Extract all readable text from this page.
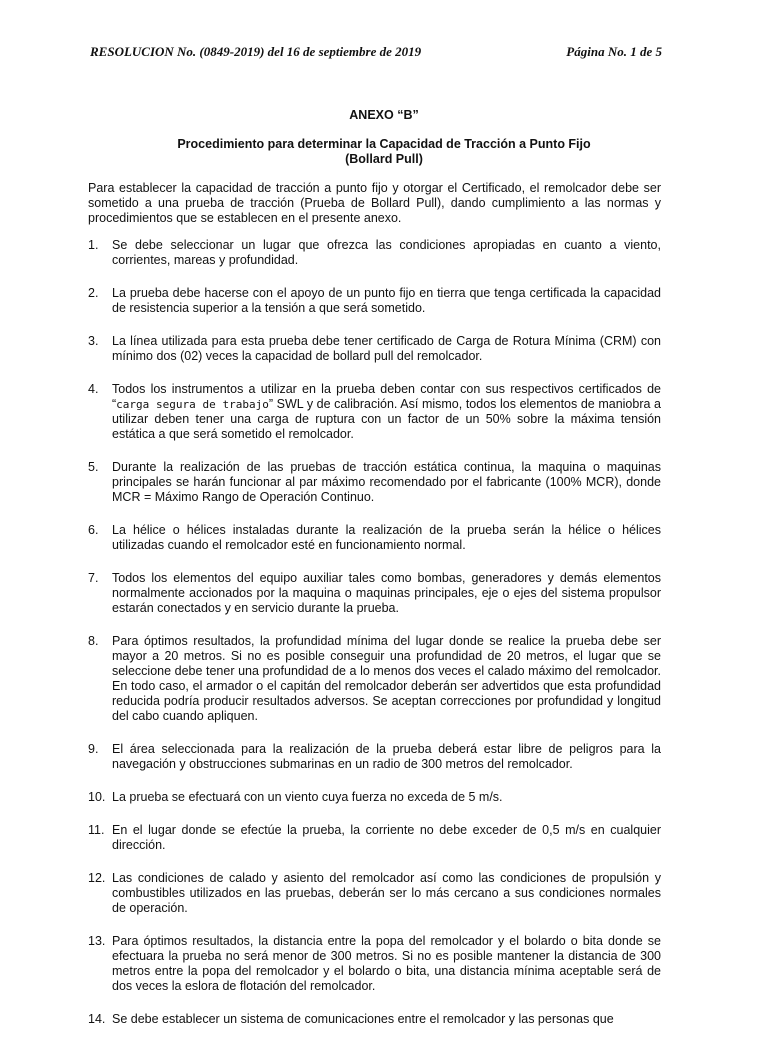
RESOLUCION No. (0849-2019) del 16 de septiembre de 2019	Página No. 1 de 5
ANEXO “B”
Procedimiento para determinar la Capacidad de Tracción a Punto Fijo
(Bollard Pull)

Para establecer la capacidad de tracción a punto fijo y otorgar el Certificado, el remolcador debe ser sometido a una prueba de tracción (Prueba de Bollard Pull), dando cumplimiento a las normas y procedimientos que se establecen en el presente anexo.

1.	Se debe seleccionar un lugar que ofrezca las condiciones apropiadas en cuanto a viento, corrientes, mareas y profundidad.
2.	La prueba debe hacerse con el apoyo de un punto fijo en tierra que tenga certificada la capacidad de resistencia superior a la tensión a que será sometido.
3.	La línea utilizada para esta prueba debe tener certificado de Carga de Rotura Mínima (CRM) con mínimo dos (02) veces la capacidad de bollard pull del remolcador.
4.	Todos los instrumentos a utilizar en la prueba deben contar con sus respectivos certificados de “carga segura de trabajo” SWL y de calibración. Así mismo, todos los elementos de maniobra a utilizar deben tener una carga de ruptura con un factor de un 50% sobre la máxima tensión estática a que será sometido el remolcador.
5.	Durante la realización de las pruebas de tracción estática continua, la maquina o maquinas principales se harán funcionar al par máximo recomendado por el fabricante (100% MCR), donde MCR = Máximo Rango de Operación Continuo.
6.	La hélice o hélices instaladas durante la realización de la prueba serán la hélice o hélices utilizadas cuando el remolcador esté en funcionamiento normal.
7.	Todos los elementos del equipo auxiliar tales como bombas, generadores y demás elementos normalmente accionados por la maquina o maquinas principales, eje o ejes del sistema propulsor estarán conectados y en servicio durante la prueba.
8.	Para óptimos resultados, la profundidad mínima del lugar donde se realice la prueba debe ser mayor a 20 metros. Si no es posible conseguir una profundidad de 20 metros, el lugar que se seleccione debe tener una profundidad de a lo menos dos veces el calado máximo del remolcador. En todo caso, el armador o el capitán del remolcador deberán ser advertidos que esta profundidad reducida podría producir resultados adversos. Se aceptan correcciones por profundidad y longitud del cabo cuando apliquen.
9.	El área seleccionada para la realización de la prueba deberá estar libre de peligros para la navegación y obstrucciones submarinas en un radio de 300 metros del remolcador.
10. La prueba se efectuará con un viento cuya fuerza no exceda de 5 m/s.
11. En el lugar donde se efectúe la prueba, la corriente no debe exceder de 0,5 m/s en cualquier dirección.
12. Las condiciones de calado y asiento del remolcador así como las condiciones de propulsión y combustibles utilizados en las pruebas, deberán ser lo más cercano a sus condiciones normales de operación.
13. Para óptimos resultados, la distancia entre la popa del remolcador y el bolardo o bita donde se efectuara la prueba no será menor de 300 metros. Si no es posible mantener la distancia de 300 metros entre la popa del remolcador y el bolardo o bita, una distancia mínima aceptable será de dos veces la eslora de flotación del remolcador.
14. Se debe establecer un sistema de comunicaciones entre el remolcador y las personas que
